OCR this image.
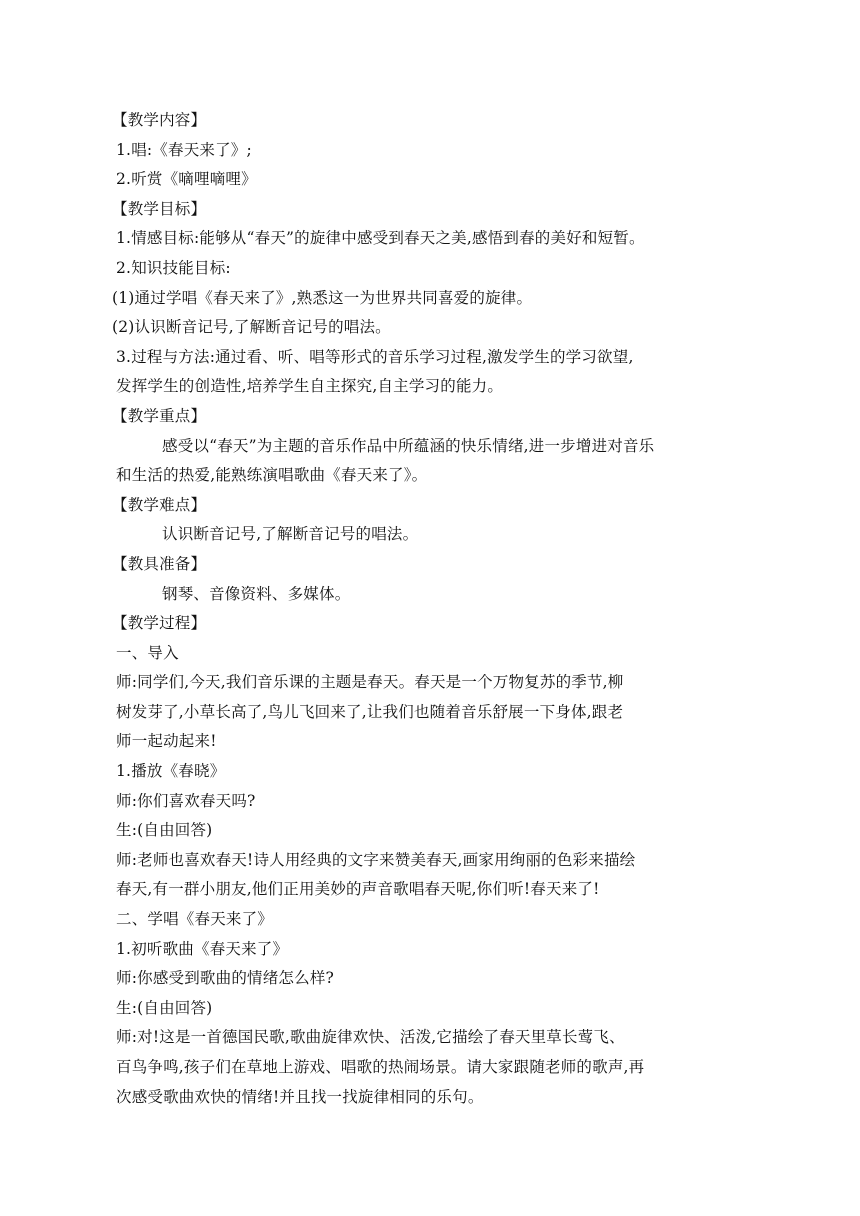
【教学内容】
1.唱:《春天来了》;
2.听赏《嘀哩嘀哩》
【教学目标】
1.情感目标:能够从“春天”的旋律中感受到春天之美,感悟到春的美好和短暂。
2.知识技能目标:
(1)通过学唱《春天来了》,熟悉这一为世界共同喜爱的旋律。
(2)认识断音记号,了解断音记号的唱法。
3.过程与方法:通过看、听、唱等形式的音乐学习过程,激发学生的学习欲望,
发挥学生的创造性,培养学生自主探究,自主学习的能力。
【教学重点】
感受以“春天”为主题的音乐作品中所蕴涵的快乐情绪,进一步增进对音乐
和生活的热爱,能熟练演唱歌曲《春天来了》。
【教学难点】
认识断音记号,了解断音记号的唱法。
【教具准备】
钢琴、音像资料、多媒体。
【教学过程】
一、导入
师:同学们,今天,我们音乐课的主题是春天。春天是一个万物复苏的季节,柳
树发芽了,小草长高了,鸟儿飞回来了,让我们也随着音乐舒展一下身体,跟老
师一起动起来!
1.播放《春晓》
师:你们喜欢春天吗?
生:(自由回答)
师:老师也喜欢春天!诗人用经典的文字来赞美春天,画家用绚丽的色彩来描绘
春天,有一群小朋友,他们正用美妙的声音歌唱春天呢,你们听!春天来了!
二、学唱《春天来了》
1.初听歌曲《春天来了》
师:你感受到歌曲的情绪怎么样?
生:(自由回答)
师:对!这是一首德国民歌,歌曲旋律欢快、活泼,它描绘了春天里草长莺飞、
百鸟争鸣,孩子们在草地上游戏、唱歌的热闹场景。请大家跟随老师的歌声,再
次感受歌曲欢快的情绪!并且找一找旋律相同的乐句。
